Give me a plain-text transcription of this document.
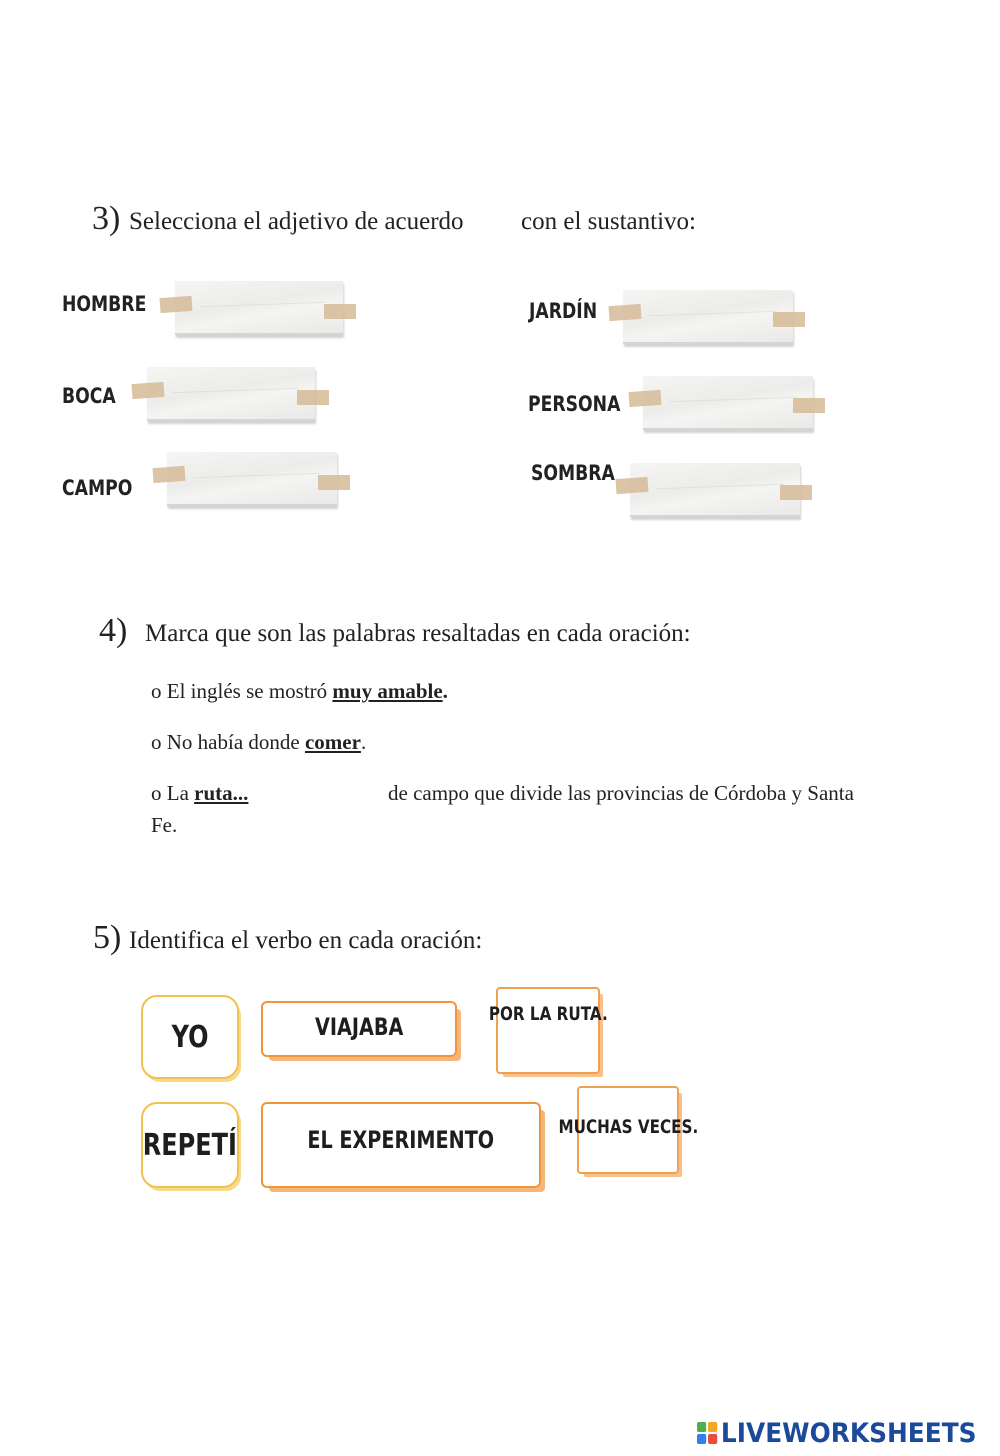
3) Selecciona el adjetivo de acuerdo con el sustantivo:
HOMBRE
BOCA
CAMPO
JARDÍN
PERSONA
SOMBRA
4) Marca que son las palabras resaltadas en cada oración:
o El inglés se mostró muy amable.
o No había donde comer.
o La ruta...	de campo que divide las provincias de Córdoba y Santa
Fe.
5) Identifica el verbo en cada oración:
YO	VIAJABA	POR LA RUTA.
REPETÍ	EL EXPERIMENTO	MUCHAS VECES.
LIVEWORKSHEETS
